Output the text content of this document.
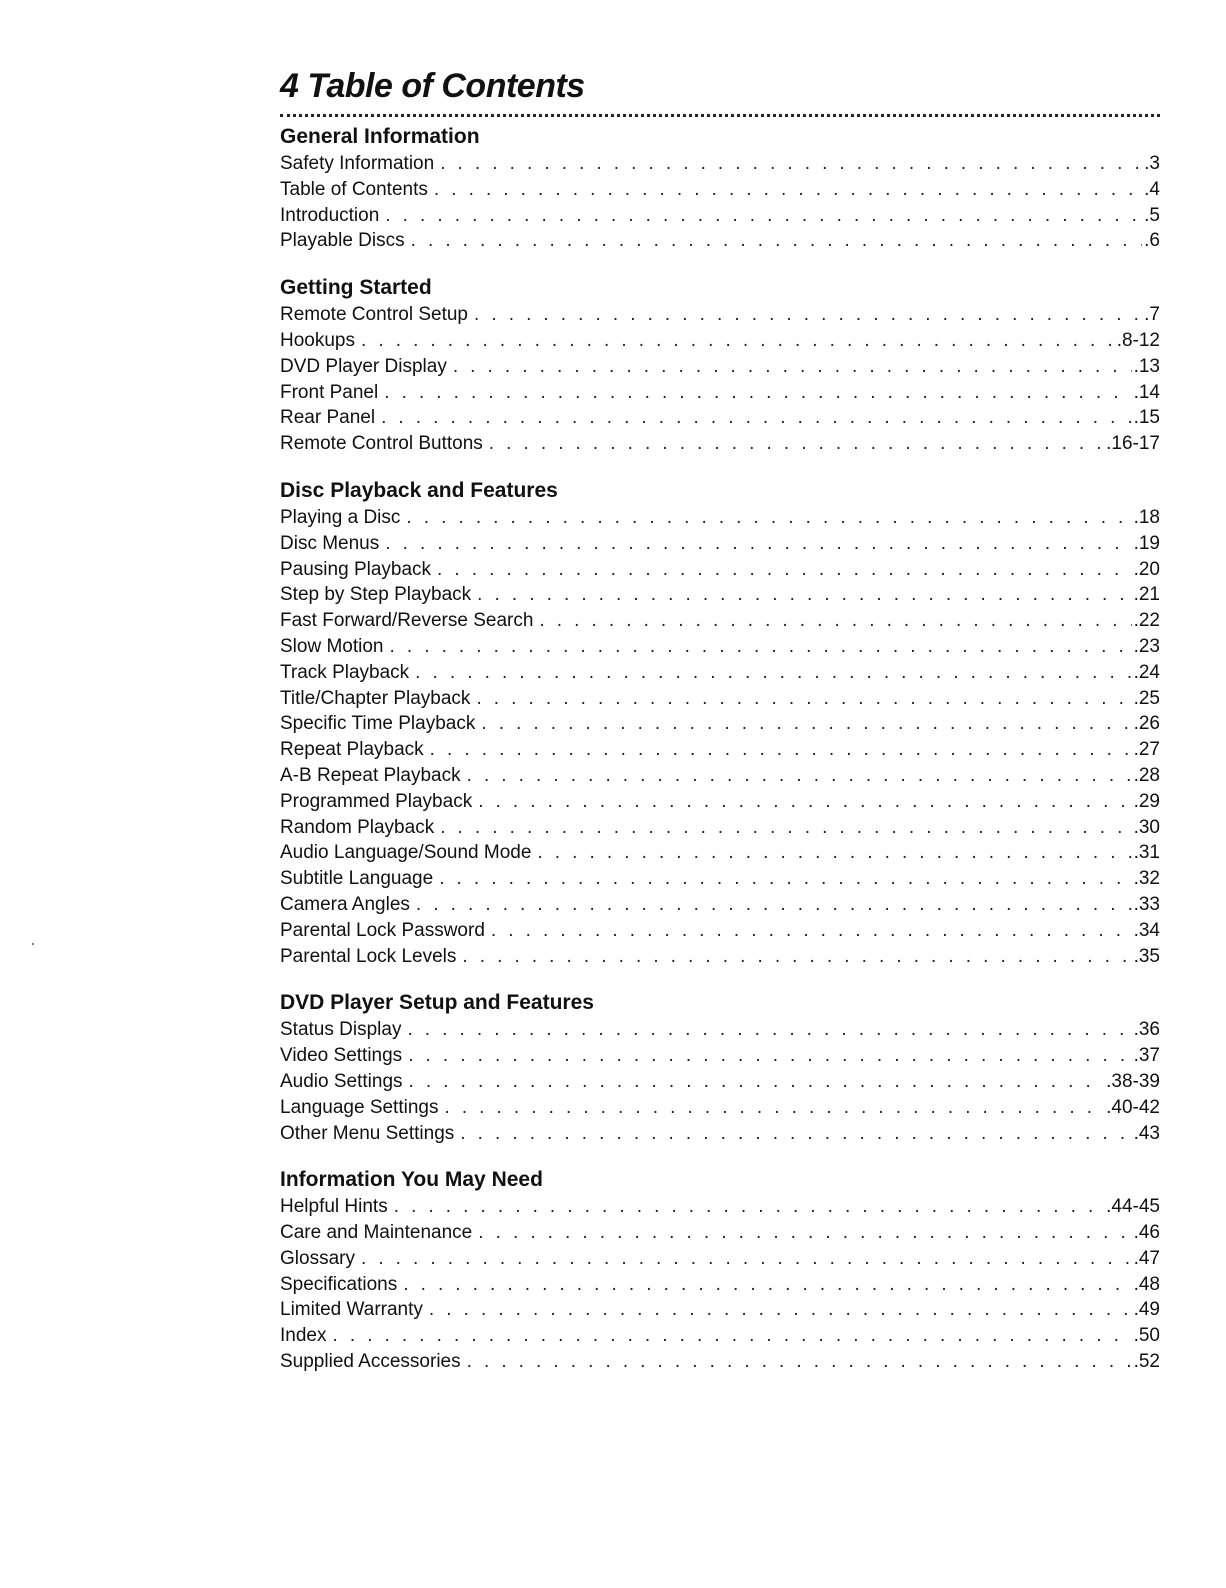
4 Table of Contents
General Information
Safety Information . . .	.3
Table of Contents . . .	.4
Introduction . . .	.5
Playable Discs . . .	.6
Getting Started
Remote Control Setup . . .	.7
Hookups . . .	.8-12
DVD Player Display . . .	.13
Front Panel . . .	.14
Rear Panel . . .	.15
Remote Control Buttons . . .	.16-17
Disc Playback and Features
Playing a Disc . . .	.18
Disc Menus . . .	.19
Pausing Playback . . .	.20
Step by Step Playback . . .	.21
Fast Forward/Reverse Search . . .	.22
Slow Motion . . .	.23
Track Playback . . .	.24
Title/Chapter Playback . . .	.25
Specific Time Playback . . .	.26
Repeat Playback . . .	.27
A-B Repeat Playback . . .	.28
Programmed Playback . . .	.29
Random Playback . . .	.30
Audio Language/Sound Mode . . .	.31
Subtitle Language . . .	.32
Camera Angles . . .	.33
Parental Lock Password . . .	.34
Parental Lock Levels . . .	.35
DVD Player Setup and Features
Status Display . . .	.36
Video Settings . . .	.37
Audio Settings . . .	.38-39
Language Settings . . .	.40-42
Other Menu Settings . . .	.43
Information You May Need
Helpful Hints . . .	.44-45
Care and Maintenance . . .	.46
Glossary . . .	.47
Specifications . . .	.48
Limited Warranty . . .	.49
Index . . .	.50
Supplied Accessories . . .	.52
